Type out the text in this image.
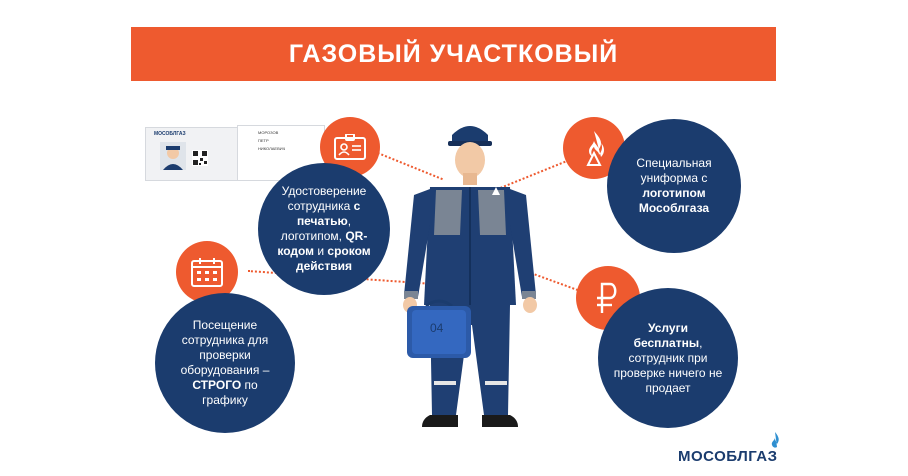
ГАЗОВЫЙ УЧАСТКОВЫЙ
МОСОБЛГАЗ	МОРОЗОВ
ПЕТР
НИКОЛАЕВИЧ
Удостоверение сотрудника с печатью, логотипом, QR-кодом и сроком действия
Посещение сотрудника для проверки оборудования – СТРОГО по графику
Специальная униформа с логотипом Мособлгаза
Услуги бесплатны, сотрудник при проверке ничего не продает
04
МОСОБЛГАЗ
